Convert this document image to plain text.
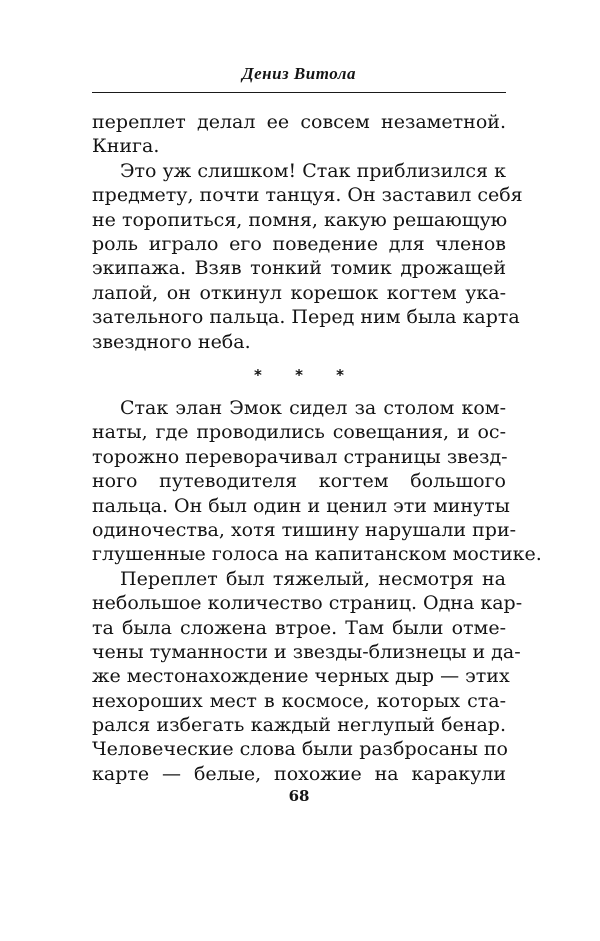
Дениз Витола
переплет делал ее совсем незаметной.
Книга.
Это уж слишком! Стак приблизился к
предмету, почти танцуя. Он заставил себя
не торопиться, помня, какую решающую
роль играло его поведение для членов
экипажа. Взяв тонкий томик дрожащей
лапой, он откинул корешок когтем ука-
зательного пальца. Перед ним была карта
звездного неба.
* * *
Стак элан Эмок сидел за столом ком-
наты, где проводились совещания, и ос-
торожно переворачивал страницы звезд-
ного путеводителя когтем большого
пальца. Он был один и ценил эти минуты
одиночества, хотя тишину нарушали при-
глушенные голоса на капитанском мостике.
Переплет был тяжелый, несмотря на
небольшое количество страниц. Одна кар-
та была сложена втрое. Там были отме-
чены туманности и звезды-близнецы и да-
же местонахождение черных дыр — этих
нехороших мест в космосе, которых ста-
рался избегать каждый неглупый бенар.
Человеческие слова были разбросаны по
карте — белые, похожие на каракули
68
